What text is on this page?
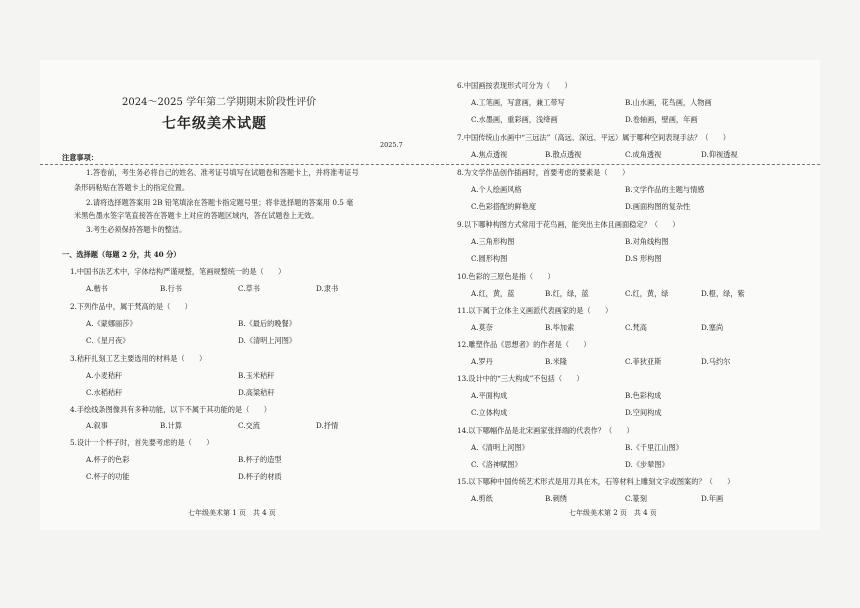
2024～2025 学年第二学期期末阶段性评价
七年级美术试题
2025.7
注意事项：
1.答卷前，考生务必将自己的姓名、准考证号填写在试题卷和答题卡上，并将准考证号
条形码粘贴在答题卡上的指定位置。
2.请将选择题答案用 2B 铅笔填涂在答题卡指定题号里；将非选择题的答案用 0.5 毫
米黑色墨水签字笔直接答在答题卡上对应的答题区域内，答在试题卷上无效。
3.考生必须保持答题卡的整洁。
一、选择题（每题 2 分，共 40 分）
1.中国书法艺术中，字体结构严谨规整，笔画规整统一的是（　　）
A.楷书	B.行书	C.草书	D.隶书
2.下列作品中，属于梵高的是（　　）
A.《蒙娜丽莎》	B.《最后的晚餐》
C.《星月夜》	D.《清明上河图》
3.秸秆扎刻工艺主要选用的材料是（　　）
A.小麦秸秆	B.玉米秸秆
C.水稻秸秆	D.高粱秸秆
4.手绘线条图像具有多种功能，以下不属于其功能的是（　　）
A.叙事	B.计算	C.交流	D.抒情
5.设计一个杯子时，首先要考虑的是（　　）
A.杯子的色彩	B.杯子的造型
C.杯子的功能	D.杯子的材质
七年级美术第 1 页　共 4 页
6.中国画按表现形式可分为（　　）
A.工笔画，写意画，兼工带写	B.山水画，花鸟画，人物画
C.水墨画，重彩画，浅绛画	D.卷轴画，壁画，年画
7.中国传统山水画中“三远法”（高远、深远、平远）属于哪种空间表现手法？（　　）
A.焦点透视	B.散点透视	C.成角透视	D.仰视透视
8.为文学作品创作插画时，首要考虑的要素是（　　）
A.个人绘画风格	B.文学作品的主题与情感
C.色彩搭配的鲜艳度	D.画面构图的复杂性
9.以下哪种构图方式常用于花鸟画，能突出主体且画面稳定？（　　）
A.三角形构图	B.对角线构图
C.圆形构图	D.S 形构图
10.色彩的三原色是指（　　）
A.红，黄，蓝	B.红，绿，蓝	C.红，黄，绿	D.橙，绿，紫
11.以下属于立体主义画派代表画家的是（　　）
A.莫奈	B.毕加索	C.梵高	D.塞尚
12.雕塑作品《思想者》的作者是（　　）
A.罗丹	B.米隆	C.菲狄亚斯	D.马约尔
13.设计中的“三大构成”不包括（　　）
A.平面构成	B.色彩构成
C.立体构成	D.空间构成
14.以下哪幅作品是北宋画家张择端的代表作？（　　）
A.《清明上河图》	B.《千里江山图》
C.《洛神赋图》	D.《步辇图》
15.以下哪种中国传统艺术形式是用刀具在木，石等材料上雕刻文字或图案的？（　　）
A.剪纸	B.刺绣	C.篆刻	D.年画
七年级美术第 2 页　共 4 页
